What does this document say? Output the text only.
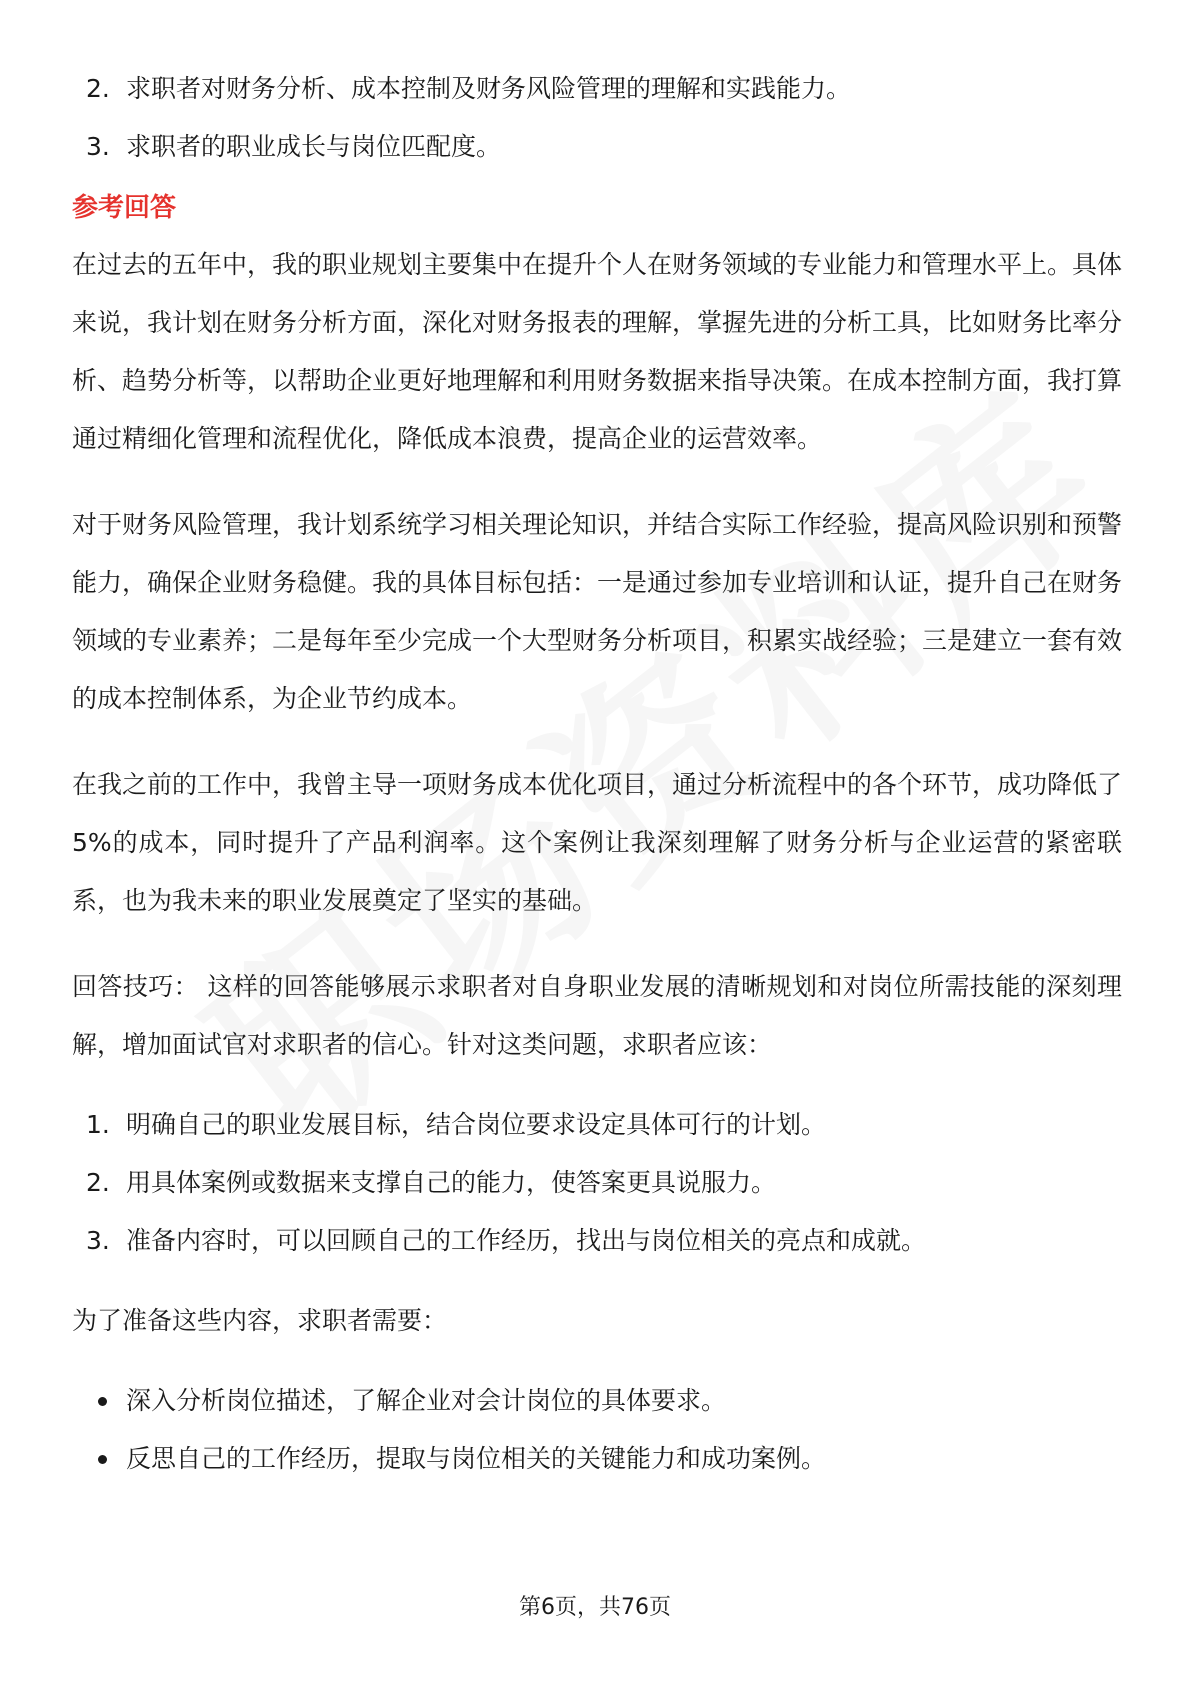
2. 求职者对财务分析、成本控制及财务风险管理的理解和实践能力。
3. 求职者的职业成长与岗位匹配度。
参考回答

在过去的五年中，我的职业规划主要集中在提升个人在财务领域的专业能力和管理水平上。具体来说，我计划在财务分析方面，深化对财务报表的理解，掌握先进的分析工具，比如财务比率分析、趋势分析等，以帮助企业更好地理解和利用财务数据来指导决策。在成本控制方面，我打算通过精细化管理和流程优化，降低成本浪费，提高企业的运营效率。

对于财务风险管理，我计划系统学习相关理论知识，并结合实际工作经验，提高风险识别和预警能力，确保企业财务稳健。我的具体目标包括：一是通过参加专业培训和认证，提升自己在财务领域的专业素养；二是每年至少完成一个大型财务分析项目，积累实战经验；三是建立一套有效的成本控制体系，为企业节约成本。

在我之前的工作中，我曾主导一项财务成本优化项目，通过分析流程中的各个环节，成功降低了5%的成本，同时提升了产品利润率。这个案例让我深刻理解了财务分析与企业运营的紧密联系，也为我未来的职业发展奠定了坚实的基础。

回答技巧： 这样的回答能够展示求职者对自身职业发展的清晰规划和对岗位所需技能的深刻理解，增加面试官对求职者的信心。针对这类问题，求职者应该：

1. 明确自己的职业发展目标，结合岗位要求设定具体可行的计划。
2. 用具体案例或数据来支撑自己的能力，使答案更具说服力。
3. 准备内容时，可以回顾自己的工作经历，找出与岗位相关的亮点和成就。

为了准备这些内容，求职者需要：

深入分析岗位描述，了解企业对会计岗位的具体要求。
反思自己的工作经历，提取与岗位相关的关键能力和成功案例。
第6页，共76页
